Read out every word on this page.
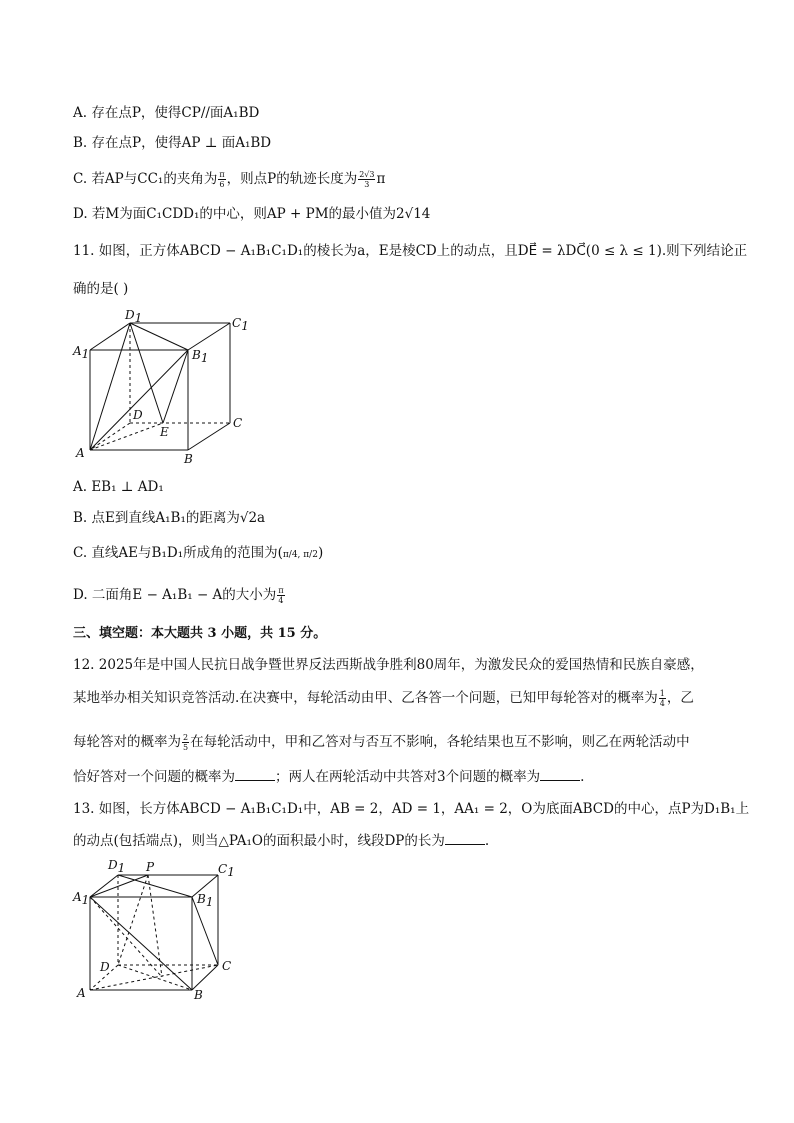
A. 存在点P，使得CP//面A₁BD
B. 存在点P，使得AP ⊥ 面A₁BD
C. 若AP与CC₁的夹角为 $\frac{\pi}{6}$ ，则点P的轨迹长度为 $\frac{2√3}{3}$ π
D. 若M为面C₁CDD₁的中心，则AP + PM的最小值为2√14
11. 如图，正方体ABCD − A₁B₁C₁D₁的棱长为a，E是棱CD上的动点，且DE⃗ = λDC⃗(0 ≤ λ ≤ 1).则下列结论正
确的是( )
D1	C1
A1	B1
D
C
A	B
E
A. EB₁ ⊥ AD₁
B. 点E到直线A₁B₁的距离为√2a
C. 直线AE与B₁D₁所成角的范围为(π/4, π/2)
D. 二面角E − A₁B₁ − A的大小为 $\frac{\pi}{4}$
三、填空题：本大题共 3 小题，共 15 分。
12. 2025年是中国人民抗日战争暨世界反法西斯战争胜利80周年，为激发民众的爱国热情和民族自豪感，
某地举办相关知识竞答活动.在决赛中，每轮活动由甲、乙各答一个问题，已知甲每轮答对的概率为 $\frac{1}{4}$ ，乙
每轮答对的概率为 $\frac{2}{5}$ 在每轮活动中，甲和乙答对与否互不影响，各轮结果也互不影响，则乙在两轮活动中
恰好答对一个问题的概率为	；两人在两轮活动中共答对3个问题的概率为	.
13. 如图，长方体ABCD − A₁B₁C₁D₁中，AB = 2，AD = 1，AA₁ = 2，O为底面ABCD的中心，点P为D₁B₁上
的动点(包括端点)，则当△PA₁O的面积最小时，线段DP的长为	.
D1	C1
P
A1	B1
D	C
A	B
